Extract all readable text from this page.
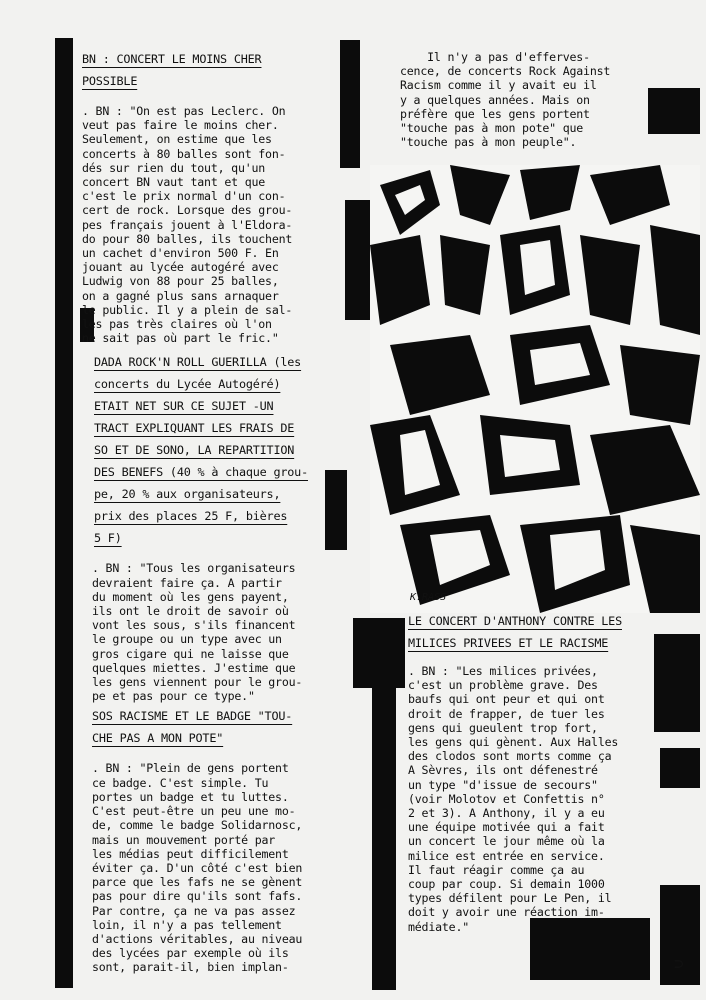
BN : CONCERT LE MOINS CHER
POSSIBLE
. BN : "On est pas Leclerc. On
veut pas faire le moins cher.
Seulement, on estime que les
concerts à 80 balles sont fon-
dés sur rien du tout, qu'un
concert BN vaut tant et que
c'est le prix normal d'un con-
cert de rock. Lorsque des grou-
pes français jouent à l'Eldora-
do pour 80 balles, ils touchent
un cachet d'environ 500 F. En
jouant au lycée autogéré avec
Ludwig von 88 pour 25 balles,
on a gagné plus sans arnaquer
le public. Il y a plein de sal-
les pas très claires où l'on
ne sait pas où part le fric."
DADA ROCK'N ROLL GUERILLA (les
concerts du Lycée Autogéré)
ETAIT NET SUR CE SUJET -UN
TRACT EXPLIQUANT LES FRAIS DE
SO ET DE SONO, LA REPARTITION
DES BENEFS (40 % à chaque grou-
pe, 20 % aux organisateurs,
prix des places 25 F, bières
5 F)
. BN : "Tous les organisateurs
devraient faire ça. A partir
du moment où les gens payent,
ils ont le droit de savoir où
vont les sous, s'ils financent
le groupe ou un type avec un
gros cigare qui ne laisse que
quelques miettes. J'estime que
les gens viennent pour le grou-
pe et pas pour ce type."
SOS RACISME ET LE BADGE "TOU-
CHE PAS A MON POTE"
. BN : "Plein de gens portent
ce badge. C'est simple. Tu
portes un badge et tu luttes.
C'est peut-être un peu une mo-
de, comme le badge Solidarnosc,
mais un mouvement porté par
les médias peut difficilement
éviter ça. D'un côté c'est bien
parce que les fafs ne se gènent
pas pour dire qu'ils sont fafs.
Par contre, ça ne va pas assez
loin, il n'y a pas tellement
d'actions véritables, au niveau
des lycées par exemple où ils
sont, parait-il, bien implan-
Il n'y a pas d'efferves-
cence, de concerts Rock Against
Racism comme il y avait eu il
y a quelques années. Mais on
préfère que les gens portent
"touche pas à mon pote" que
"touche pas à mon peuple".
K.RASS
LE CONCERT D'ANTHONY CONTRE LES
MILICES PRIVEES ET LE RACISME
. BN : "Les milices privées,
c'est un problème grave. Des
baufs qui ont peur et qui ont
droit de frapper, de tuer les
gens qui gueulent trop fort,
les gens qui gènent. Aux Halles
des clodos sont morts comme ça
A Sèvres, ils ont défenestré
un type "d'issue de secours"
(voir Molotov et Confettis n°
2 et 3). A Anthony, il y a eu
une équipe motivée qui a fait
un concert le jour même où la
milice est entrée en service.
Il faut réagir comme ça au
coup par coup. Si demain 1000
types défilent pour Le Pen, il
doit y avoir une réaction im-
médiate."
⊃
